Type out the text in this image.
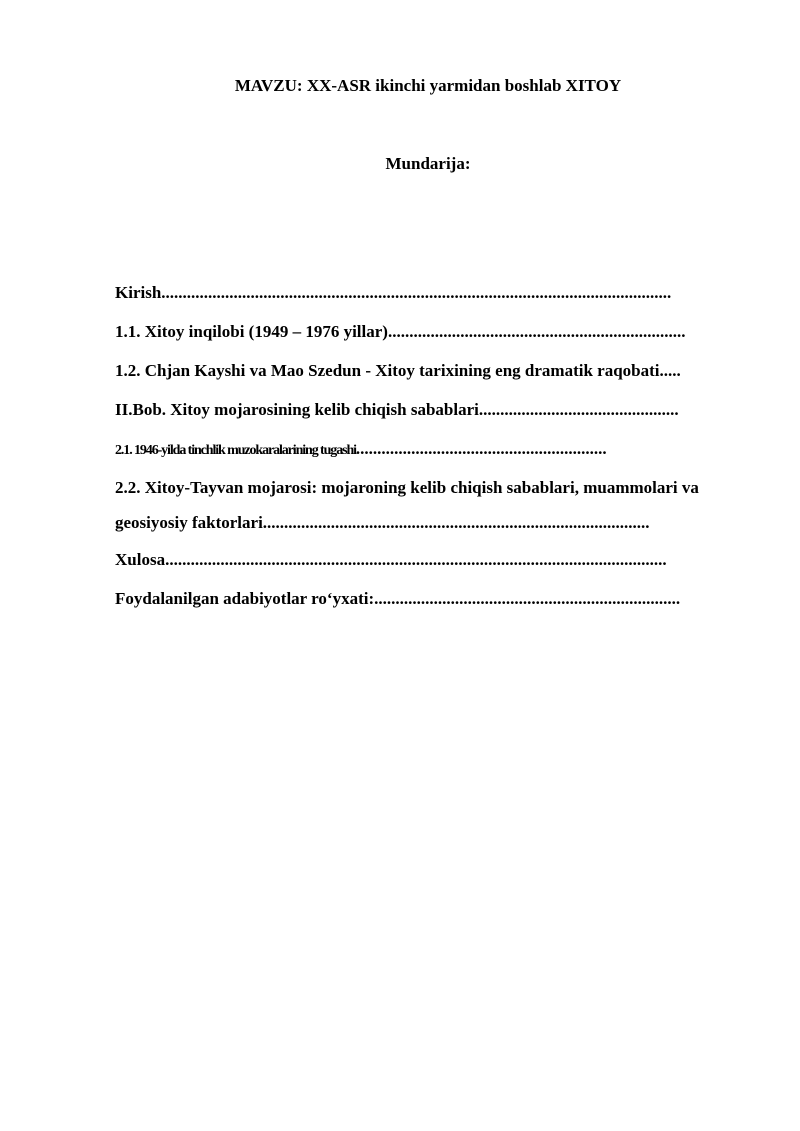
MAVZU: XX-ASR ikinchi yarmidan boshlab XITOY
Mundarija:
Kirish........................................................................................................................
1.1. Xitoy inqilobi (1949 – 1976 yillar)......................................................................
1.2. Chjan Kayshi va Mao Szedun - Xitoy tarixining eng dramatik raqobati.....
II.Bob. Xitoy mojarosining kelib chiqish sabablari...............................................
2.1. 1946-yilda tinchlik muzokaralarining tugashi...........................................................
2.2. Xitoy-Tayvan mojarosi: mojaroning kelib chiqish sabablari, muammolari va geosiyosiy faktorlari...........................................................................................
Xulosa......................................................................................................................
Foydalanilgan adabiyotlar ro‘yxati:........................................................................
